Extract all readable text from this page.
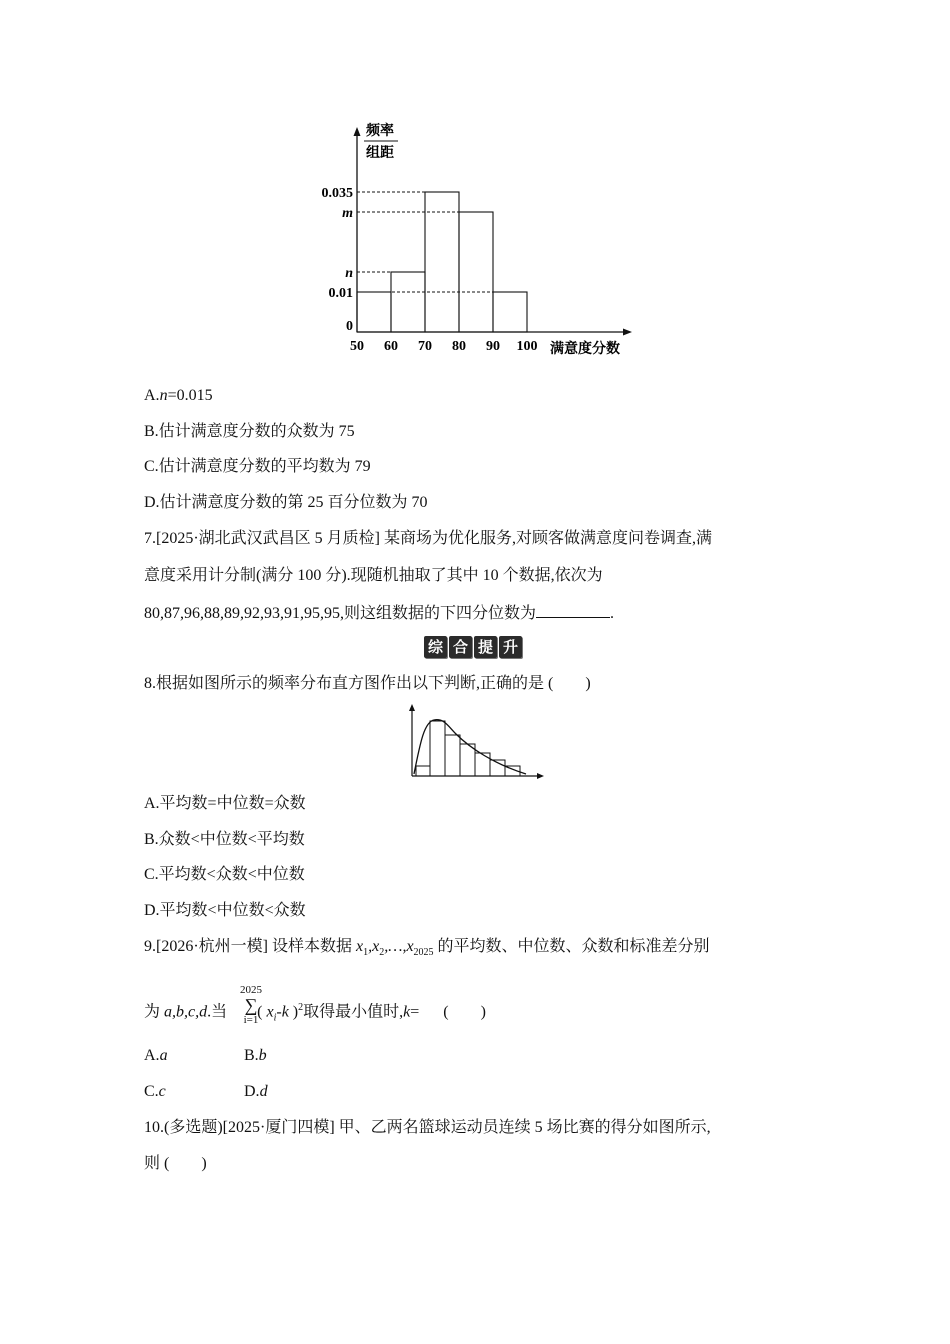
0.035
m
n
0.01
0
50 60 70 80 90 100
频率
组距
满意度分数
A.n=0.015
B.估计满意度分数的众数为 75
C.估计满意度分数的平均数为 79
D.估计满意度分数的第 25 百分位数为 70
7.[2025·湖北武汉武昌区 5 月质检] 某商场为优化服务,对顾客做满意度问卷调查,满
意度采用计分制(满分 100 分).现随机抽取了其中 10 个数据,依次为
80,87,96,88,89,92,93,91,95,95,则这组数据的下四分位数为	.
综 合 提 升
8.根据如图所示的频率分布直方图作出以下判断,正确的是 (  )
A.平均数=中位数=众数
B.众数<中位数<平均数
C.平均数<众数<中位数
D.平均数<中位数<众数
9.[2026·杭州一模] 设样本数据 $x_1,x_2,\dots,x_{2025}$ 的平均数、中位数、众数和标准差分别
2025
∑
i=1
为 a,b,c,d.当 ( $x_i-k$ )$^2$取得最小值时,k= (  )
A.a	B.b
C.c	D.d
10.(多选题)[2025·厦门四模] 甲、乙两名篮球运动员连续 5 场比赛的得分如图所示,
则 (  )
